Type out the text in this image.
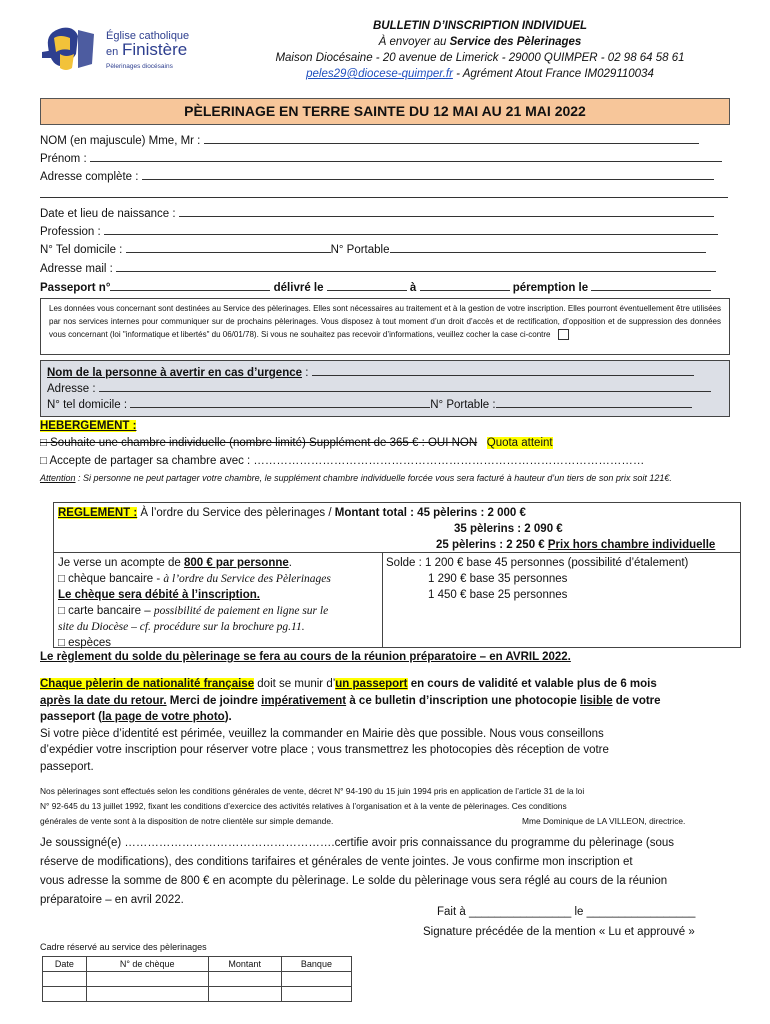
Église catholique
en Finistère
Pèlerinages diocésains
BULLETIN D’INSCRIPTION INDIVIDUEL
À envoyer au Service des Pèlerinages
Maison Diocésaine - 20 avenue de Limerick - 29000 QUIMPER - 02 98 64 58 61
peles29@diocese-quimper.fr - Agrément Atout France IM029110034
PÈLERINAGE EN TERRE SAINTE DU 12 MAI AU 21 MAI 2022
NOM (en majuscule) Mme, Mr :
Prénom :
Adresse complète :
Date et lieu de naissance :
Profession :
N° Tel domicile :	N° Portable
Adresse mail :
Passeport n°	délivré le	à	péremption le
Les données vous concernant sont destinées au Service des pèlerinages. Elles sont nécessaires au traitement et à la gestion de votre inscription. Elles pourront éventuellement être utilisées par nos services internes pour communiquer sur de prochains pèlerinages. Vous disposez à tout moment d’un droit d’accès et de rectification, d’opposition et de suppression des données vous concernant (loi "informatique et libertés" du 06/01/78). Si vous ne souhaitez pas recevoir d’informations, veuillez cocher la case ci-contre
Nom de la personne à avertir en cas d’urgence :
Adresse :
N° tel domicile :	N° Portable :
HEBERGEMENT :
□ Souhaite une chambre individuelle (nombre limité) Supplément de 365 € : OUI NON Quota atteint
□ Accepte de partager sa chambre avec : …………………………………………………………………………………………
Attention : Si personne ne peut partager votre chambre, le supplément chambre individuelle forcée vous sera facturé à hauteur d’un tiers de son prix soit 121€.
REGLEMENT : À l’ordre du Service des pèlerinages / Montant total : 45 pèlerins : 2 000 €
35 pèlerins : 2 090 €
25 pèlerins : 2 250 € Prix hors chambre individuelle
Je verse un acompte de 800 € par personne.
□ chèque bancaire - à l’ordre du Service des Pèlerinages
Le chèque sera débité à l’inscription.
□ carte bancaire – possibilité de paiement en ligne sur le
site du Diocèse – cf. procédure sur la brochure pg.11.
□ espèces
Solde : 1 200 € base 45 personnes (possibilité d’étalement)
1 290 € base 35 personnes
1 450 € base 25 personnes
Le règlement du solde du pèlerinage se fera au cours de la réunion préparatoire – en AVRIL 2022.
Chaque pèlerin de nationalité française doit se munir d’un passeport en cours de validité et valable plus de 6 mois
après la date du retour. Merci de joindre impérativement à ce bulletin d’inscription une photocopie lisible de votre
passeport (la page de votre photo).
Si votre pièce d’identité est périmée, veuillez la commander en Mairie dès que possible. Nous vous conseillons
d’expédier votre inscription pour réserver votre place ; vous transmettrez les photocopies dès réception de votre
passeport.
Nos pèlerinages sont effectués selon les conditions générales de vente, décret N° 94-190 du 15 juin 1994 pris en application de l’article 31 de la loi
N° 92-645 du 13 juillet 1992, fixant les conditions d’exercice des activités relatives à l’organisation et à la vente de pèlerinages. Ces conditions
générales de vente sont à la disposition de notre clientèle sur simple demande.	Mme Dominique de LA VILLEON, directrice.
Je soussigné(e) ……………………………………………….certifie avoir pris connaissance du programme du pèlerinage (sous
réserve de modifications), des conditions tarifaires et générales de vente jointes. Je vous confirme mon inscription et
vous adresse la somme de 800 € en acompte du pèlerinage. Le solde du pèlerinage vous sera réglé au cours de la réunion
préparatoire – en avril 2022.
Fait à ________________ le _________________
Signature précédée de la mention « Lu et approuvé »
Cadre réservé au service des pèlerinages
Date	N° de chèque	Montant	Banque
